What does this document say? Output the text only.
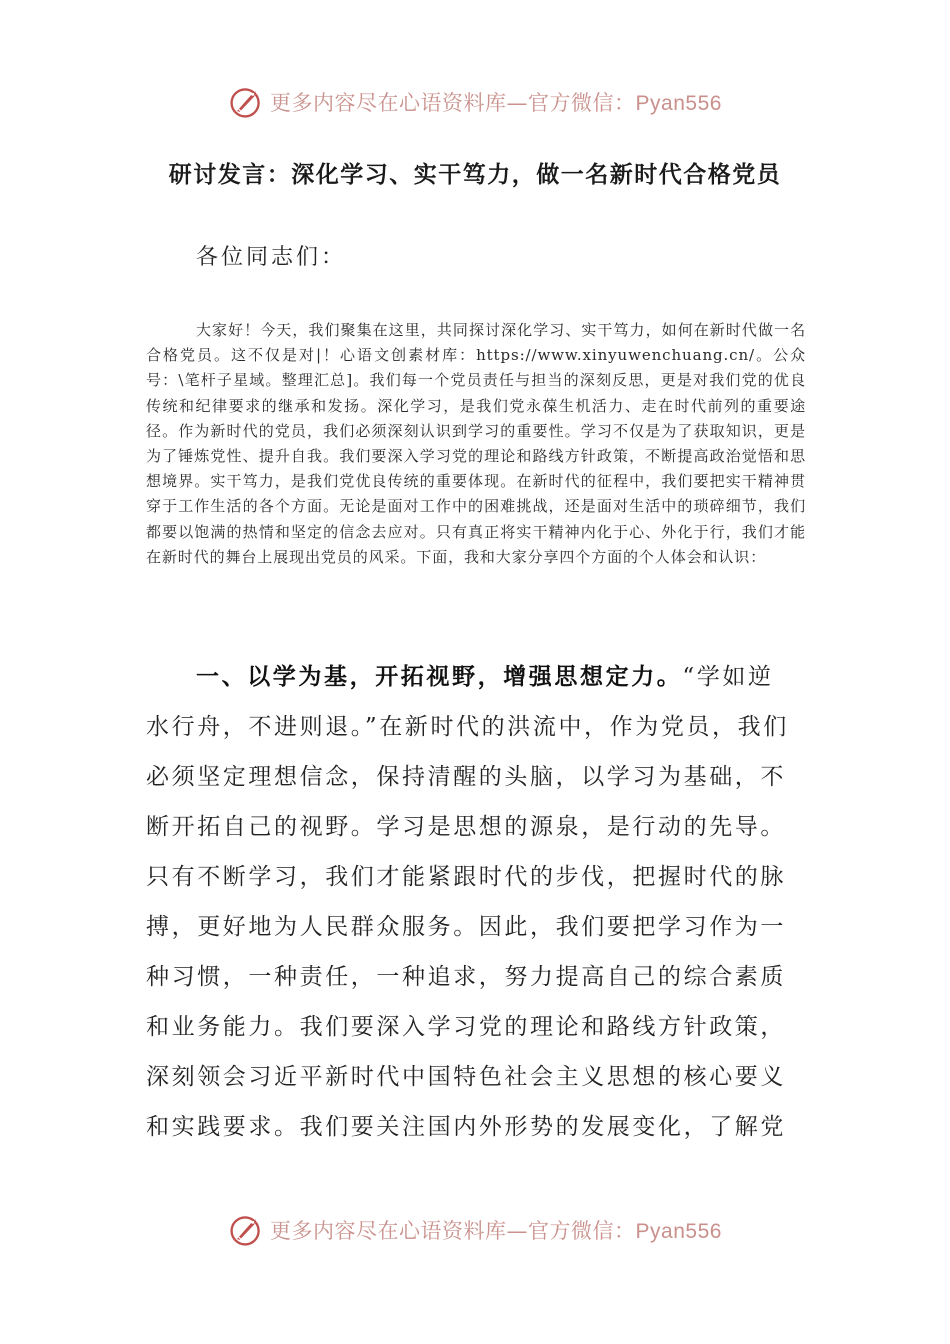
更多内容尽在心语资料库—官方微信：Pyan556
研讨发言：深化学习、实干笃力，做一名新时代合格党员

各位同志们：

大家好！今天，我们聚集在这里，共同探讨深化学习、实干笃力，如何在新时代做一名合格党员。这不仅是对|！心语文创素材库：https://www.xinyuwenchuang.cn/。公众号：\笔杆子星域。整理汇总]。我们每一个党员责任与担当的深刻反思，更是对我们党的优良传统和纪律要求的继承和发扬。深化学习，是我们党永葆生机活力、走在时代前列的重要途径。作为新时代的党员，我们必须深刻认识到学习的重要性。学习不仅是为了获取知识，更是为了锤炼党性、提升自我。我们要深入学习党的理论和路线方针政策，不断提高政治觉悟和思想境界。实干笃力，是我们党优良传统的重要体现。在新时代的征程中，我们要把实干精神贯穿于工作生活的各个方面。无论是面对工作中的困难挑战，还是面对生活中的琐碎细节，我们都要以饱满的热情和坚定的信念去应对。只有真正将实干精神内化于心、外化于行，我们才能在新时代的舞台上展现出党员的风采。下面，我和大家分享四个方面的个人体会和认识：

一、以学为基，开拓视野，增强思想定力。“学如逆水行舟，不进则退。”在新时代的洪流中，作为党员，我们必须坚定理想信念，保持清醒的头脑，以学习为基础，不断开拓自己的视野。学习是思想的源泉，是行动的先导。只有不断学习，我们才能紧跟时代的步伐，把握时代的脉搏，更好地为人民群众服务。因此，我们要把学习作为一种习惯，一种责任，一种追求，努力提高自己的综合素质和业务能力。我们要深入学习党的理论和路线方针政策，深刻领会习近平新时代中国特色社会主义思想的核心要义和实践要求。我们要关注国内外形势的发展变化，了解党

更多内容尽在心语资料库—官方微信：Pyan556
